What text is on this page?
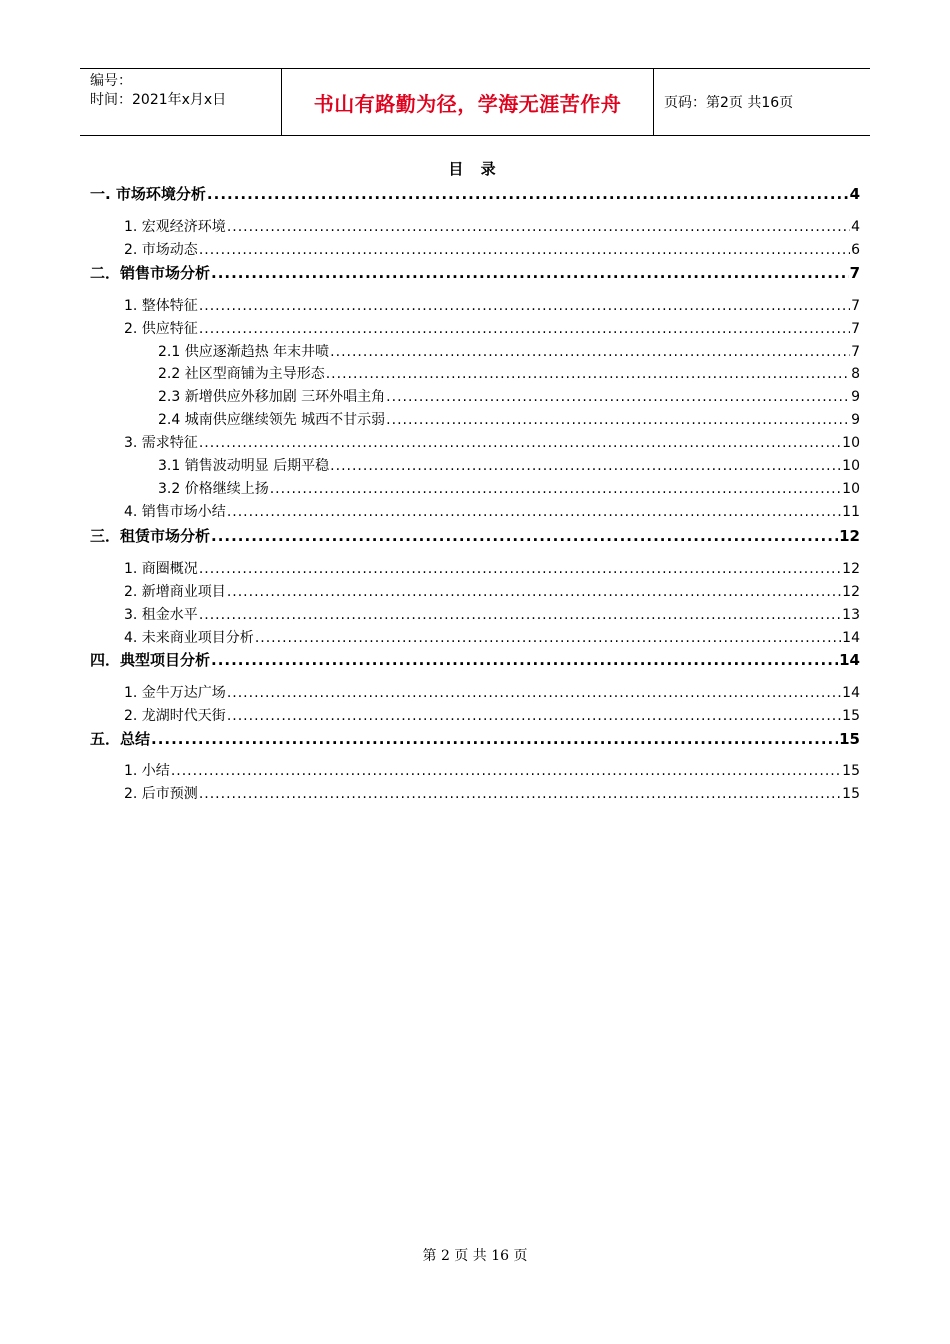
编号：
时间：2021年x月x日	书山有路勤为径，学海无涯苦作舟	页码：第2页 共16页
目 录
一. 市场环境分析 .....	4
1. 宏观经济环境 .....	4
2. 市场动态 .....	6
二．销售市场分析 .....	7
1. 整体特征 .....	7
2. 供应特征 .....	7
2.1 供应逐渐趋热 年末井喷 .....	7
2.2 社区型商铺为主导形态 .....	8
2.3 新增供应外移加剧 三环外唱主角 .....	9
2.4 城南供应继续领先 城西不甘示弱 .....	9
3. 需求特征 .....	10
3.1 销售波动明显 后期平稳 .....	10
3.2 价格继续上扬 .....	10
4. 销售市场小结 .....	11
三．租赁市场分析 .....	12
1. 商圈概况 .....	12
2. 新增商业项目 .....	12
3. 租金水平 .....	13
4. 未来商业项目分析 .....	14
四．典型项目分析 .....	14
1. 金牛万达广场 .....	14
2. 龙湖时代天街 .....	15
五．总结 .....	15
1. 小结 .....	15
2. 后市预测 .....	15
第 2 页 共 16 页
